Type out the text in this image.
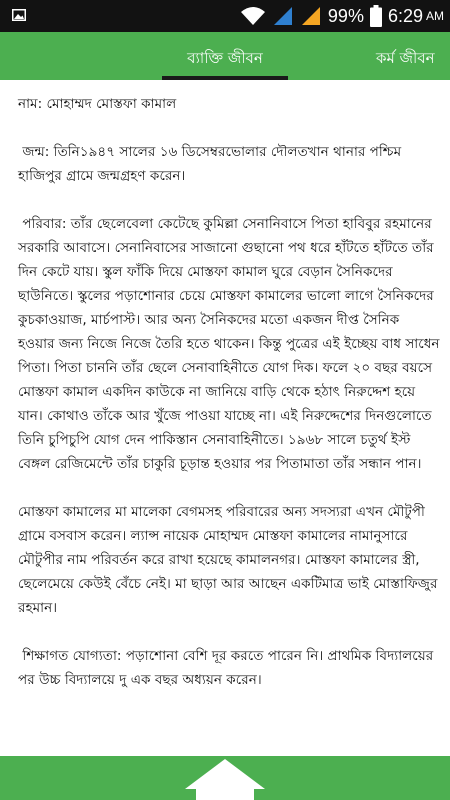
99% 6:29 AM
ব্যাক্তি জীবন	কর্ম জীবন

নাম: মোহাম্মদ মোস্তফা কামাল

জন্ম: তিনি১৯৪৭ সালের ১৬ ডিসেম্বরভোলার দৌলতখান থানার পশ্চিম হাজিপুর গ্রামে জন্মগ্রহণ করেন।

পরিবার: তাঁর ছেলেবেলা কেটেছে কুমিল্লা সেনানিবাসে পিতা হাবিবুর রহমানের সরকারি আবাসে। সেনানিবাসের সাজানো গুছানো পথ ধরে হাঁটতে হাঁটতে তাঁর দিন কেটে যায়। স্কুল ফাঁকি দিয়ে মোস্তফা কামাল ঘুরে বেড়ান সৈনিকদের ছাউনিতে। স্কুলের পড়াশোনার চেয়ে মোস্তফা কামালের ভালো লাগে সৈনিকদের কুচকাওয়াজ, মার্চপাস্ট। আর অন্য সৈনিকদের মতো একজন দীপ্ত সৈনিক হওয়ার জন্য নিজে নিজে তৈরি হতে থাকেন। কিন্তু পুত্রের এই ইচ্ছেয় বাধ সাধেন পিতা। পিতা চাননি তাঁর ছেলে সেনাবাহিনীতে যোগ দিক। ফলে ২০ বছর বয়সে মোস্তফা কামাল একদিন কাউকে না জানিয়ে বাড়ি থেকে হঠাৎ নিরুদ্দেশ হয়ে যান। কোথাও তাঁকে আর খুঁজে পাওয়া যাচ্ছে না। এই নিরুদ্দেশের দিনগুলোতে তিনি চুপিচুপি যোগ দেন পাকিস্তান সেনাবাহিনীতে। ১৯৬৮ সালে চতুর্থ ইস্ট বেঙ্গল রেজিমেন্টে তাঁর চাকুরি চূড়ান্ত হওয়ার পর পিতামাতা তাঁর সন্ধান পান।

মোস্তফা কামালের মা মালেকা বেগমসহ পরিবারের অন্য সদস্যরা এখন মৌটুপী গ্রামে বসবাস করেন। ল্যান্স নায়েক মোহাম্মদ মোস্তফা কামালের নামানুসারে মৌটুপীর নাম পরিবর্তন করে রাখা হয়েছে কামালনগর। মোস্তফা কামালের স্ত্রী, ছেলেমেয়ে কেউই বেঁচে নেই। মা ছাড়া আর আছেন একটিমাত্র ভাই মোস্তাফিজুর রহমান।

শিক্ষাগত যোগ্যতা: পড়াশোনা বেশি দূর করতে পারেন নি। প্রাথমিক বিদ্যালয়ের পর উচ্চ বিদ্যালয়ে দু এক বছর অধ্যয়ন করেন।
